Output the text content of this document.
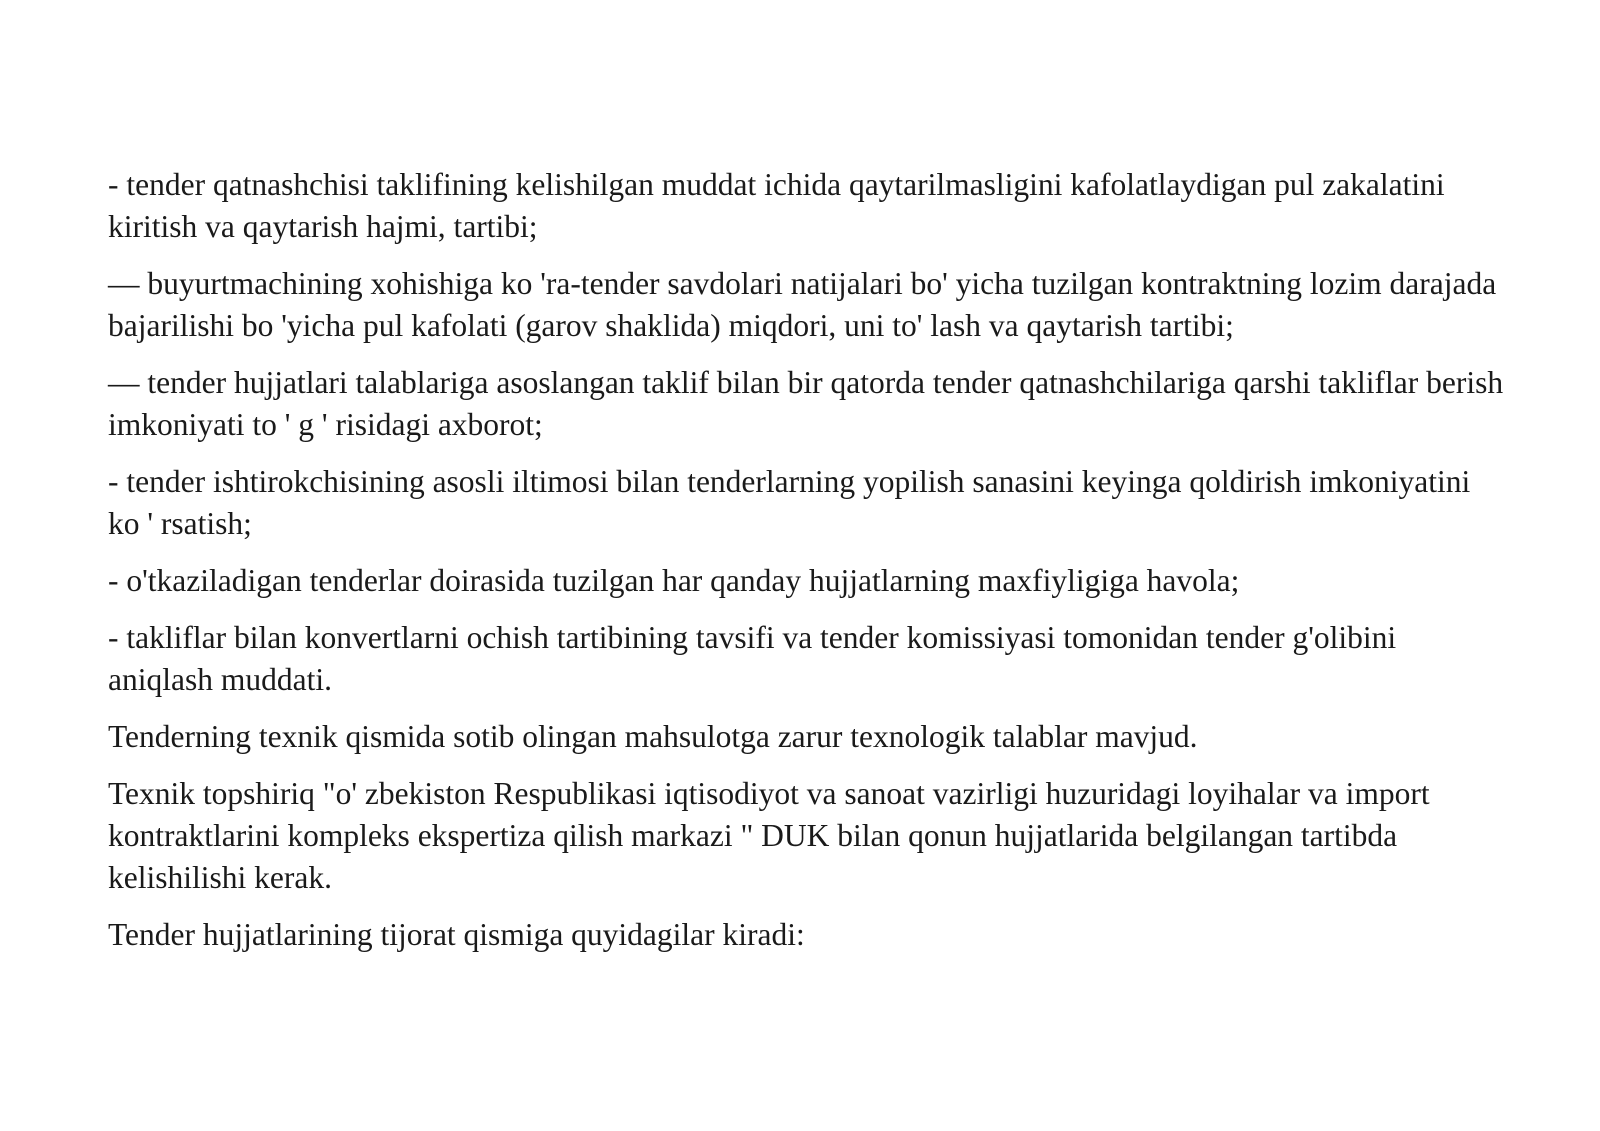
- tender qatnashchisi taklifining kelishilgan muddat ichida qaytarilmasligini kafolatlaydigan pul zakalatini kiritish va qaytarish hajmi, tartibi;

— buyurtmachining xohishiga ko 'ra-tender savdolari natijalari bo' yicha tuzilgan kontraktning lozim darajada bajarilishi bo 'yicha pul kafolati (garov shaklida) miqdori, uni to' lash va qaytarish tartibi;

— tender hujjatlari talablariga asoslangan taklif bilan bir qatorda tender qatnashchilariga qarshi takliflar berish imkoniyati to ' g ' risidagi axborot;

- tender ishtirokchisining asosli iltimosi bilan tenderlarning yopilish sanasini keyinga qoldirish imkoniyatini ko ' rsatish;

- o'tkaziladigan tenderlar doirasida tuzilgan har qanday hujjatlarning maxfiyligiga havola;

- takliflar bilan konvertlarni ochish tartibining tavsifi va tender komissiyasi tomonidan tender g'olibini aniqlash muddati.

Tenderning texnik qismida sotib olingan mahsulotga zarur texnologik talablar mavjud.

Texnik topshiriq "o' zbekiston Respublikasi iqtisodiyot va sanoat vazirligi huzuridagi loyihalar va import kontraktlarini kompleks ekspertiza qilish markazi " DUK bilan qonun hujjatlarida belgilangan tartibda kelishilishi kerak.

Tender hujjatlarining tijorat qismiga quyidagilar kiradi:
